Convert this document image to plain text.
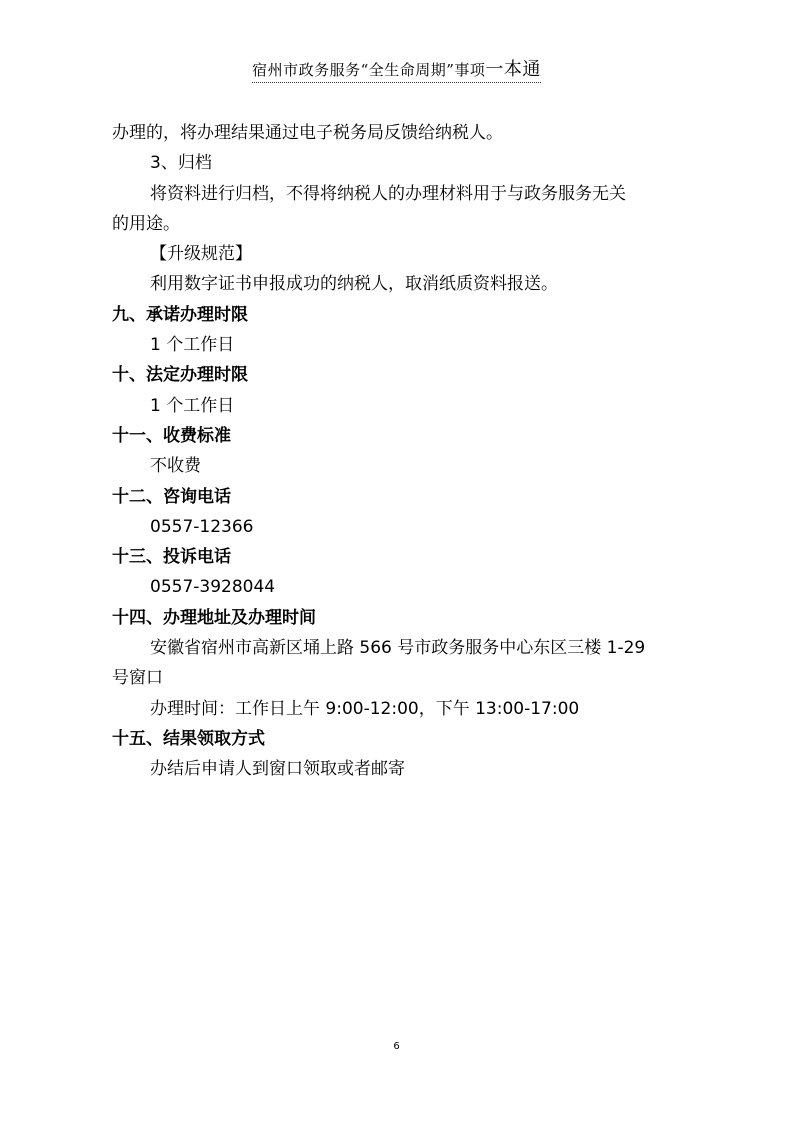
宿州市政务服务“全生命周期”事项一本通
办理的，将办理结果通过电子税务局反馈给纳税人。
3、归档
将资料进行归档，不得将纳税人的办理材料用于与政务服务无关
的用途。
【升级规范】
利用数字证书申报成功的纳税人，取消纸质资料报送。
九、承诺办理时限
1 个工作日
十、法定办理时限
1 个工作日
十一、收费标准
不收费
十二、咨询电话
0557-12366
十三、投诉电话
0557-3928044
十四、办理地址及办理时间
安徽省宿州市高新区埇上路 566 号市政务服务中心东区三楼 1-29
号窗口
办理时间：工作日上午 9:00-12:00，下午 13:00-17:00
十五、结果领取方式
办结后申请人到窗口领取或者邮寄
6
